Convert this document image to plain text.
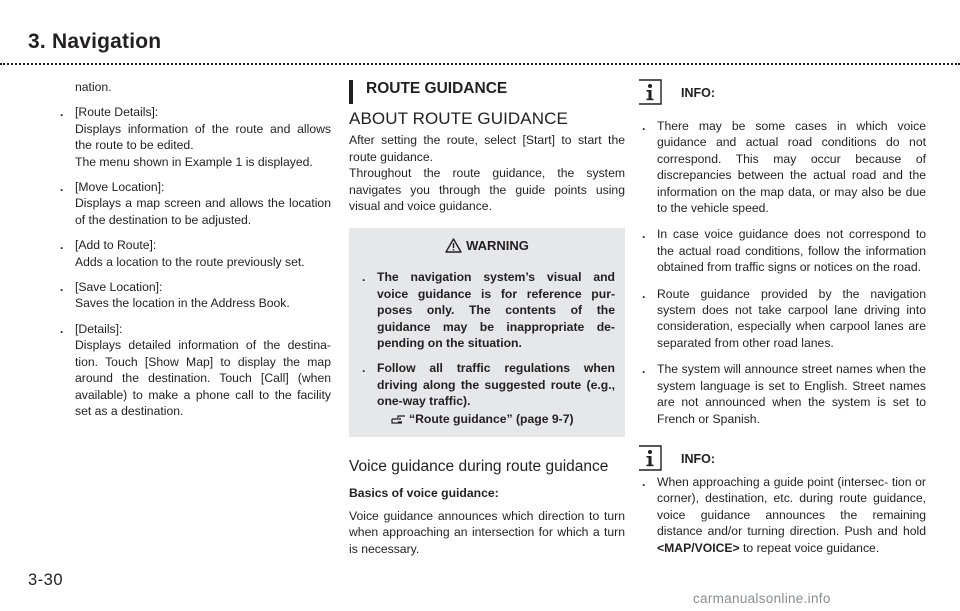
3. Navigation

nation.

. [Route Details]:

Displays information of the route and allows the route to be edited.

The menu shown in Example 1 is displayed.

. [Move Location]:

Displays a map screen and allows the location of the destination to be adjusted.

. [Add to Route]:

Adds a location to the route previously set.

. [Save Location]:

Saves the location in the Address Book.

. [Details]:

Displays detailed information of the destina- tion. Touch [Show Map] to display the map around the destination. Touch [Call] (when available) to make a phone call to the facility set as a destination.

ROUTE GUIDANCE
ABOUT ROUTE GUIDANCE

After setting the route, select [Start] to start the route guidance.

Throughout the route guidance, the system navigates you through the guide points using visual and voice guidance.

WARNING
. The navigation system’s visual and voice guidance is for reference pur- poses only. The contents of the guidance may be inappropriate de- pending on the situation.
. Follow all traffic regulations when driving along the suggested route (e.g., one-way traffic).
“Route guidance” (page 9-7)
Voice guidance during route guidance
Basics of voice guidance:

Voice guidance announces which direction to turn when approaching an intersection for which a turn is necessary.

INFO:
. There may be some cases in which voice guidance and actual road conditions do not correspond. This may occur because of discrepancies between the actual road and the information on the map data, or may also be due to the vehicle speed.
. In case voice guidance does not correspond to the actual road conditions, follow the information obtained from traffic signs or notices on the road.
. Route guidance provided by the navigation system does not take carpool lane driving into consideration, especially when carpool lanes are separated from other road lanes.
. The system will announce street names when the system language is set to English. Street names are not announced when the system is set to French or Spanish.
INFO:
. When approaching a guide point (intersec- tion or corner), destination, etc. during route guidance, voice guidance announces the remaining distance and/or turning direction. Push and hold <MAP/VOICE> to repeat voice guidance.
3-30
carmanualsonline.info
